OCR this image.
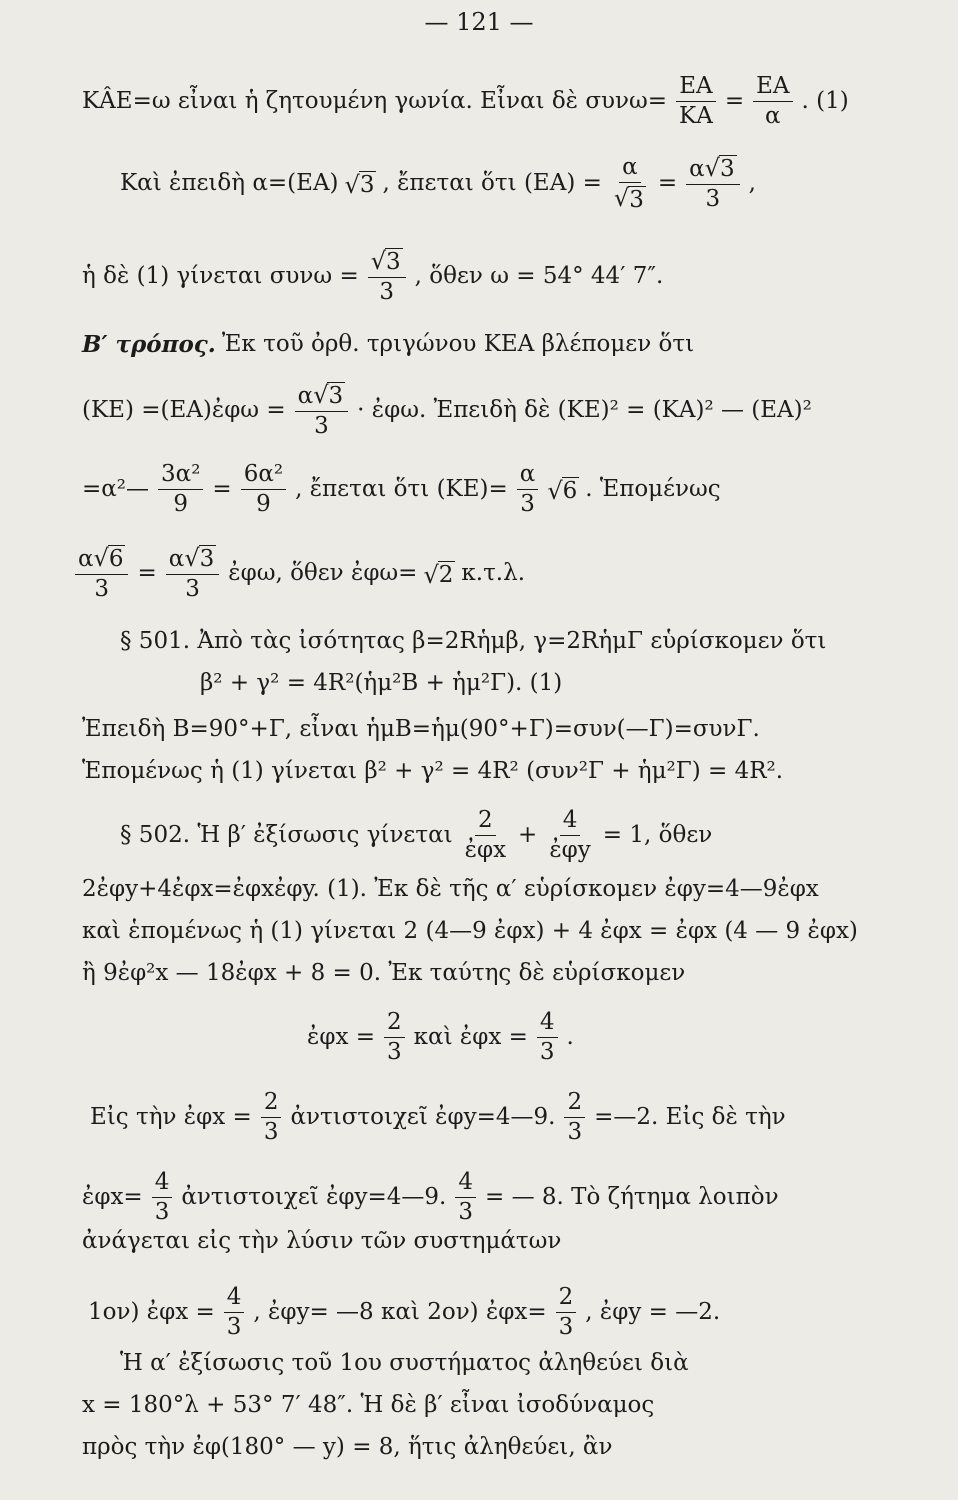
— 121 —
ΚÂΕ=ω εἶναι ἡ ζητουμένη γωνία. Εἶναι δὲ $\sigma\upsilon\nu\omega= \frac{EA}{KA} = \frac{EA}{\alpha}$ . (1)
Καὶ ἐπειδὴ α=(ΕΑ) √ 3 , ἔπεται ὅτι $(EA) = \frac{\alpha}{√ 3} = \frac{\alpha √ 3}{3}$ ,
ἡ δὲ (1) γίνεται $\sigma\upsilon\nu\omega = \frac{√ 3}{3}$ , ὅθεν ω = 54° 44′ 7″.
Β′ τρόπος. Ἐκ τοῦ ὀρθ. τριγώνου ΚΕΑ βλέπομεν ὅτι
(ΚΕ) =(ΕΑ)ἐφω = $\frac{\alpha √ 3}{3}$ · ἐφω. Ἐπειδὴ δὲ (ΚΕ)² = (ΚΑ)² — (ΕΑ)²
=α²— $\frac{\text{3α²}}{9} = \frac{\text{6α²}}{9}$ , ἔπεται ὅτι $(KE)= \frac{\alpha}{3}$ √ 6 . Ἑπομένως
$\frac{\alpha √ 6}{3} = \frac{\alpha √ 3}{3}$ ἐφω, ὅθεν ἐφω= √ 2 κ.τ.λ.
§ 501. Ἀπὸ τὰς ἰσότητας β=2Rἡμβ, γ=2RἡμΓ εὑρίσκομεν ὅτι
β² + γ² = 4R²(ἡμ²Β + ἡμ²Γ). (1)
Ἐπειδὴ Β=90°+Γ, εἶναι ἡμΒ=ἡμ(90°+Γ)=συν(—Γ)=συνΓ.
Ἑπομένως ἡ (1) γίνεται β² + γ² = 4R² (συν²Γ + ἡμ²Γ) = 4R².
§ 502. Ἡ β′ ἐξίσωσις γίνεται $\frac{2}{\text{ἐφx}} + \frac{4}{\text{ἐφy}} = 1$, ὅθεν
2ἐφy+4ἐφx=ἐφxἐφy. (1). Ἐκ δὲ τῆς α′ εὑρίσκομεν ἐφy=4—9ἐφx
καὶ ἑπομένως ἡ (1) γίνεται 2 (4—9 ἐφx) + 4 ἐφx = ἐφx (4 — 9 ἐφx)
ἢ 9ἐφ²x — 18ἐφx + 8 = 0. Ἐκ ταύτης δὲ εὑρίσκομεν
ἐφx = $\frac{2}{3}$ καὶ ἐφx = $\frac{4}{3}$ .
Εἰς τὴν ἐφx = $\frac{2}{3}$ ἀντιστοιχεῖ ἐφy=4—9. $\frac{2}{3}$ =—2. Εἰς δὲ τὴν
ἐφx= $\frac{4}{3}$ ἀντιστοιχεῖ ἐφy=4—9. $\frac{4}{3}$ = — 8. Τὸ ζήτημα λοιπὸν
ἀνάγεται εἰς τὴν λύσιν τῶν συστημάτων
1ον) ἐφx = $\frac{4}{3}$ , ἐφy= —8 καὶ 2ον) ἐφx= $\frac{2}{3}$ , ἐφy = —2.
Ἡ α′ ἐξίσωσις τοῦ 1ου συστήματος ἀληθεύει διὰ
x = 180°λ + 53° 7′ 48″. Ἡ δὲ β′ εἶναι ἰσοδύναμος
πρὸς τὴν ἐφ(180° — y) = 8, ἥτις ἀληθεύει, ἂν
